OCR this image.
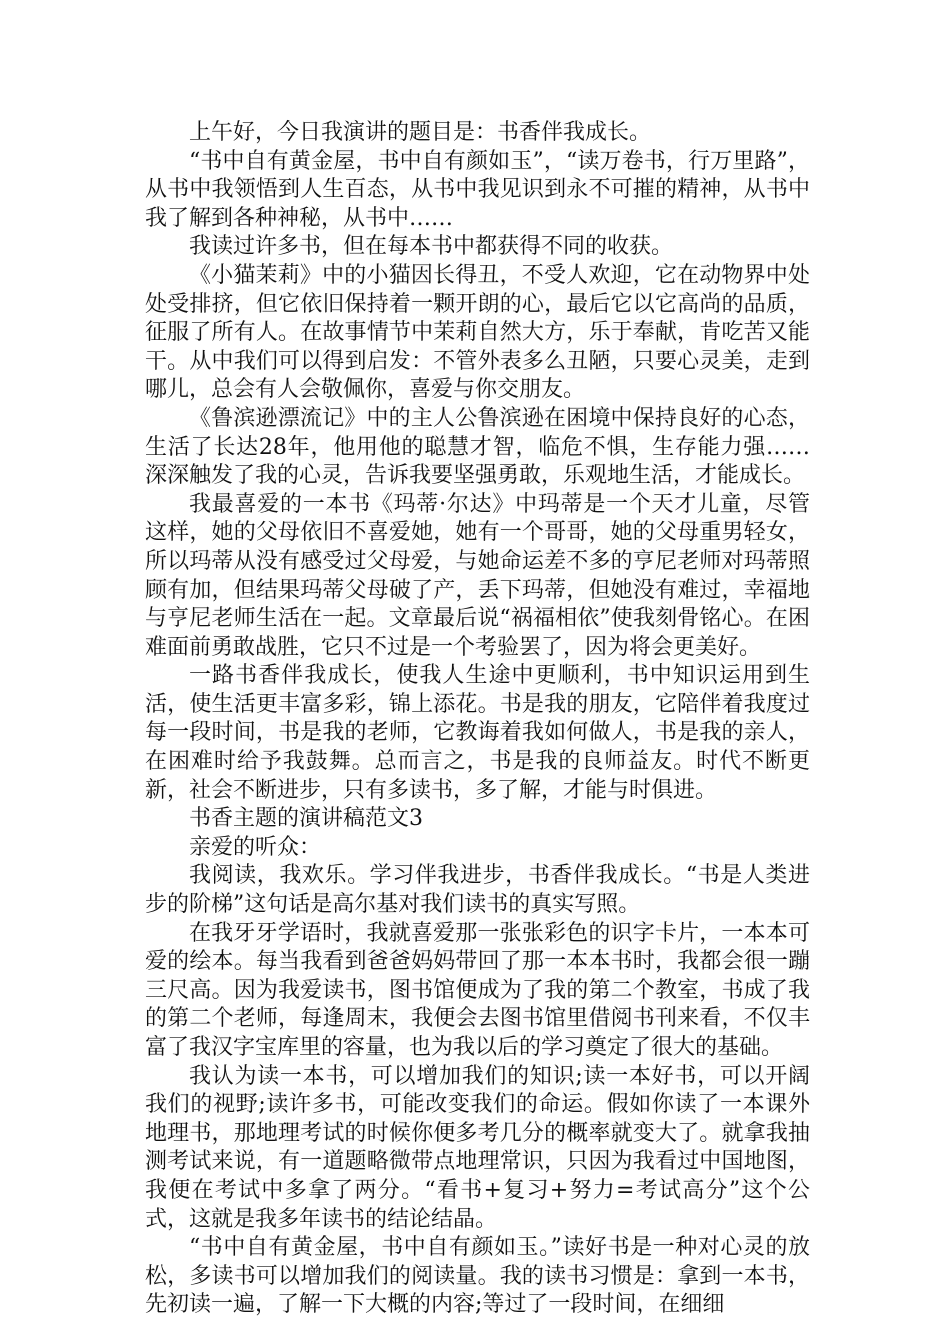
上午好，今日我演讲的题目是：书香伴我成长。

“书中自有黄金屋，书中自有颜如玉”，“读万卷书，行万里路”，从书中我领悟到人生百态，从书中我见识到永不可摧的精神，从书中我了解到各种神秘，从书中……

我读过许多书，但在每本书中都获得不同的收获。

《小猫茉莉》中的小猫因长得丑，不受人欢迎，它在动物界中处处受排挤，但它依旧保持着一颗开朗的心，最后它以它高尚的品质，征服了所有人。在故事情节中茉莉自然大方，乐于奉献，肯吃苦又能干。从中我们可以得到启发：不管外表多么丑陋，只要心灵美，走到哪儿，总会有人会敬佩你，喜爱与你交朋友。

《鲁滨逊漂流记》中的主人公鲁滨逊在困境中保持良好的心态，生活了长达28年，他用他的聪慧才智，临危不惧，生存能力强……深深触发了我的心灵，告诉我要坚强勇敢，乐观地生活，才能成长。

我最喜爱的一本书《玛蒂·尔达》中玛蒂是一个天才儿童，尽管这样，她的父母依旧不喜爱她，她有一个哥哥，她的父母重男轻女，所以玛蒂从没有感受过父母爱，与她命运差不多的亨尼老师对玛蒂照顾有加，但结果玛蒂父母破了产，丢下玛蒂，但她没有难过，幸福地与亨尼老师生活在一起。文章最后说“祸福相依”使我刻骨铭心。在困难面前勇敢战胜，它只不过是一个考验罢了，因为将会更美好。

一路书香伴我成长，使我人生途中更顺利，书中知识运用到生活，使生活更丰富多彩，锦上添花。书是我的朋友，它陪伴着我度过每一段时间，书是我的老师，它教诲着我如何做人，书是我的亲人，在困难时给予我鼓舞。总而言之，书是我的良师益友。时代不断更新，社会不断进步，只有多读书，多了解，才能与时俱进。

书香主题的演讲稿范文3

亲爱的听众：

我阅读，我欢乐。学习伴我进步，书香伴我成长。“书是人类进步的阶梯”这句话是高尔基对我们读书的真实写照。

在我牙牙学语时，我就喜爱那一张张彩色的识字卡片，一本本可爱的绘本。每当我看到爸爸妈妈带回了那一本本书时，我都会很一蹦三尺高。因为我爱读书，图书馆便成为了我的第二个教室，书成了我的第二个老师，每逢周末，我便会去图书馆里借阅书刊来看，不仅丰富了我汉字宝库里的容量，也为我以后的学习奠定了很大的基础。

我认为读一本书，可以增加我们的知识;读一本好书，可以开阔我们的视野;读许多书，可能改变我们的命运。假如你读了一本课外地理书，那地理考试的时候你便多考几分的概率就变大了。就拿我抽测考试来说，有一道题略微带点地理常识，只因为我看过中国地图，我便在考试中多拿了两分。“看书+复习+努力=考试高分”这个公式，这就是我多年读书的结论结晶。

“书中自有黄金屋，书中自有颜如玉。”读好书是一种对心灵的放松，多读书可以增加我们的阅读量。我的读书习惯是：拿到一本书，先初读一遍，了解一下大概的内容;等过了一段时间，在细细
